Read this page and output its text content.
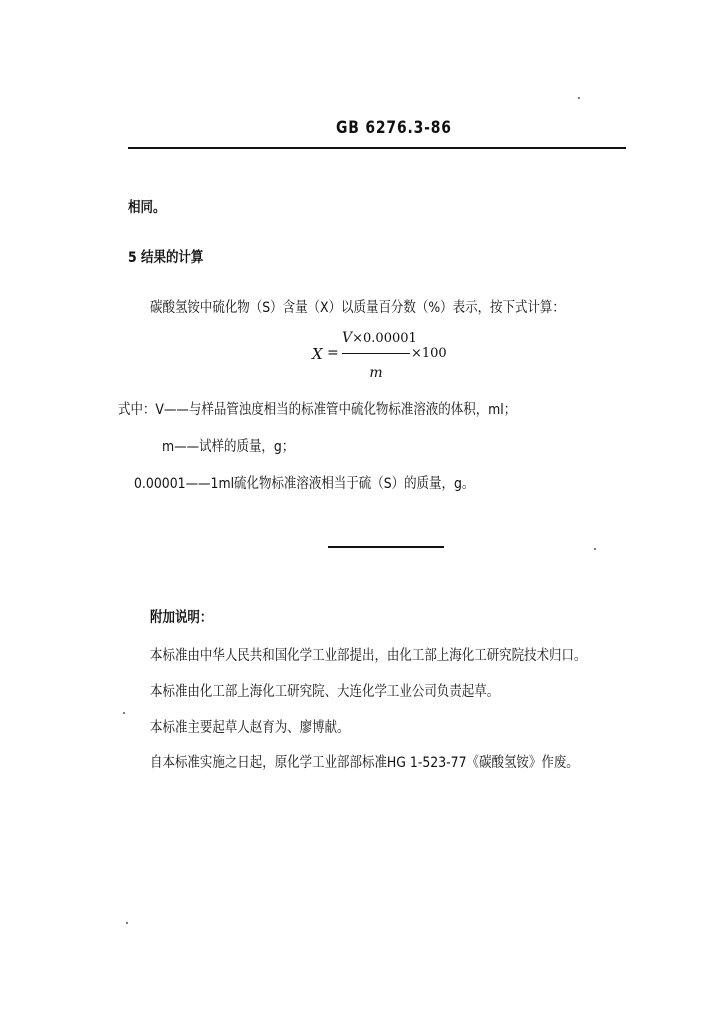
GB 6276.3-86
相同。
5 结果的计算
碳酸氢铵中硫化物（S）含量（X）以质量百分数（%）表示，按下式计算：
X =
V×0.00001
m
×100
式中：V——与样品管浊度相当的标准管中硫化物标准溶液的体积，ml；
m——试样的质量，g；
0.00001——1ml硫化物标准溶液相当于硫（S）的质量，g。
附加说明：
本标准由中华人民共和国化学工业部提出，由化工部上海化工研究院技术归口。
本标准由化工部上海化工研究院、大连化学工业公司负责起草。
本标准主要起草人赵育为、廖博献。
自本标准实施之日起，原化学工业部部标准HG 1-523-77《碳酸氢铵》作废。
